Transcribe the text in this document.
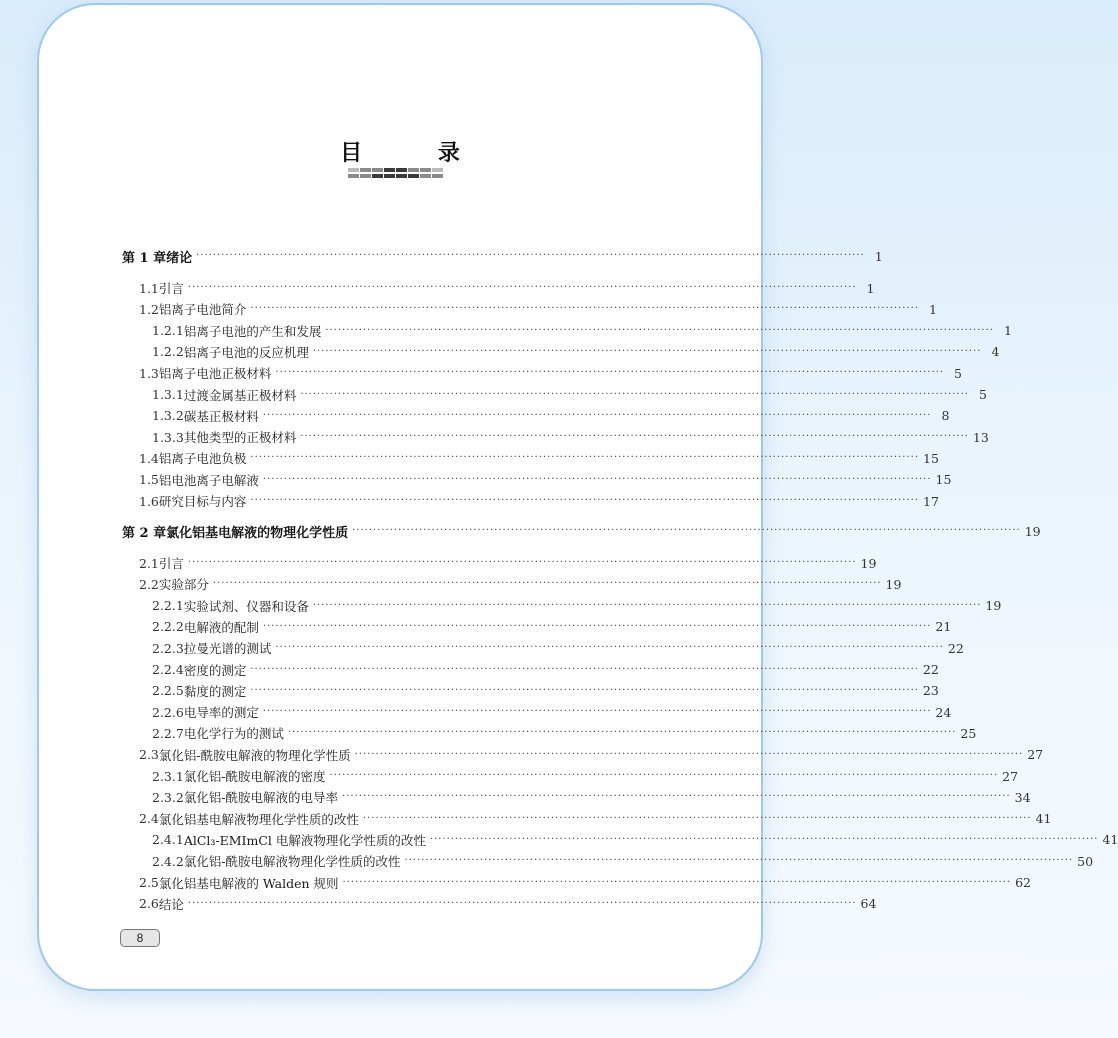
目 录
第 1 章 绪论 ································································································································································ 1
1.1 引言 ································································································································································ 1
1.2 铝离子电池简介 ································································································································································ 1
1.2.1 铝离子电池的产生和发展 ································································································································································ 1
1.2.2 铝离子电池的反应机理 ································································································································································ 4
1.3 铝离子电池正极材料 ································································································································································ 5
1.3.1 过渡金属基正极材料 ································································································································································ 5
1.3.2 碳基正极材料 ································································································································································ 8
1.3.3 其他类型的正极材料 ································································································································································ 13
1.4 铝离子电池负极 ································································································································································ 15
1.5 铝电池离子电解液 ································································································································································ 15
1.6 研究目标与内容 ································································································································································ 17
第 2 章 氯化铝基电解液的物理化学性质 ································································································································································ 19
2.1 引言 ································································································································································ 19
2.2 实验部分 ································································································································································ 19
2.2.1 实验试剂、仪器和设备 ································································································································································ 19
2.2.2 电解液的配制 ································································································································································ 21
2.2.3 拉曼光谱的测试 ································································································································································ 22
2.2.4 密度的测定 ································································································································································ 22
2.2.5 黏度的测定 ································································································································································ 23
2.2.6 电导率的测定 ································································································································································ 24
2.2.7 电化学行为的测试 ································································································································································ 25
2.3 氯化铝-酰胺电解液的物理化学性质 ································································································································································ 27
2.3.1 氯化铝-酰胺电解液的密度 ································································································································································ 27
2.3.2 氯化铝-酰胺电解液的电导率 ································································································································································ 34
2.4 氯化铝基电解液物理化学性质的改性 ································································································································································ 41
2.4.1 AlCl₃-EMImCl 电解液物理化学性质的改性 ································································································································································ 41
2.4.2 氯化铝-酰胺电解液物理化学性质的改性 ································································································································································ 50
2.5 氯化铝基电解液的 Walden 规则 ································································································································································ 62
2.6 结论 ································································································································································ 64
8
